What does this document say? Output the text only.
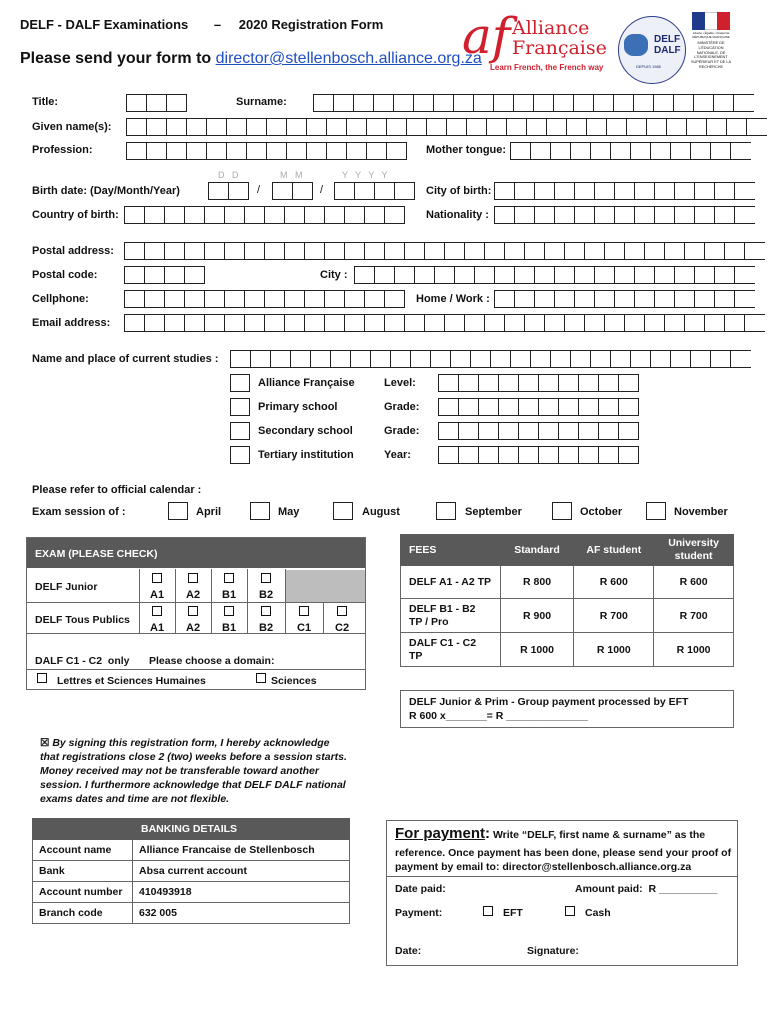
DELF - DALF Examinations – 2020 Registration Form
Please send your form to director@stellenbosch.alliance.org.za
af Alliance
Française
Learn French, the French way
DELF
DALF
DEPUIS 1985
Liberté • Égalité • Fraternité
RÉPUBLIQUE FRANÇAISE
MINISTÈRE DE L'ÉDUCATION NATIONALE, DE L'ENSEIGNEMENT SUPÉRIEUR ET DE LA RECHERCHE
Title:	Surname:
Given name(s):
Profession:	Mother tongue:
D   D	M   M	Y   Y   Y   Y
Birth date: (Day/Month/Year)	/	/	City of birth:
Country of birth:	Nationality :
Postal address:
Postal code:	City :
Cellphone:	Home / Work :
Email address:
Name and place of current studies :
Alliance Française	Level:
Primary school	Grade:
Secondary school	Grade:
Tertiary institution	Year:
Please refer to official calendar :
Exam session of :	April	May	August	September	October	November
EXAM (PLEASE CHECK)
DELF Junior
A1 A2 B1 B2
DELF Tous Publics
A1 A2 B1 B2 C1 C2
DALF C1 - C2  only Please choose a domain:
Lettres et Sciences Humaines	Sciences
FEES	Standard	AF student	University student
DELF A1 - A2 TP	R 800	R 600	R 600
DELF B1 - B2 TP / Pro	R 900	R 700	R 700
DALF C1 - C2 TP	R 1000	R 1000	R 1000
DELF Junior & Prim - Group payment processed by EFT
R 600 x_______= R ______________
☒ By signing this registration form, I hereby acknowledge that registrations close 2 (two) weeks before a session starts. Money received may not be transferable toward another session. I furthermore acknowledge that DELF DALF national exams dates and time are not flexible.
	BANKING DETAILS
Account name	Alliance Francaise de Stellenbosch
Bank	Absa current account
Account number	410493918
Branch code	632 005
For payment: Write “DELF, first name & surname” as the
reference. Once payment has been done, please send your proof of
payment by email to: director@stellenbosch.alliance.org.za
Date paid:	Amount paid:  R __________
Payment:	EFT	Cash
Date:	Signature:
